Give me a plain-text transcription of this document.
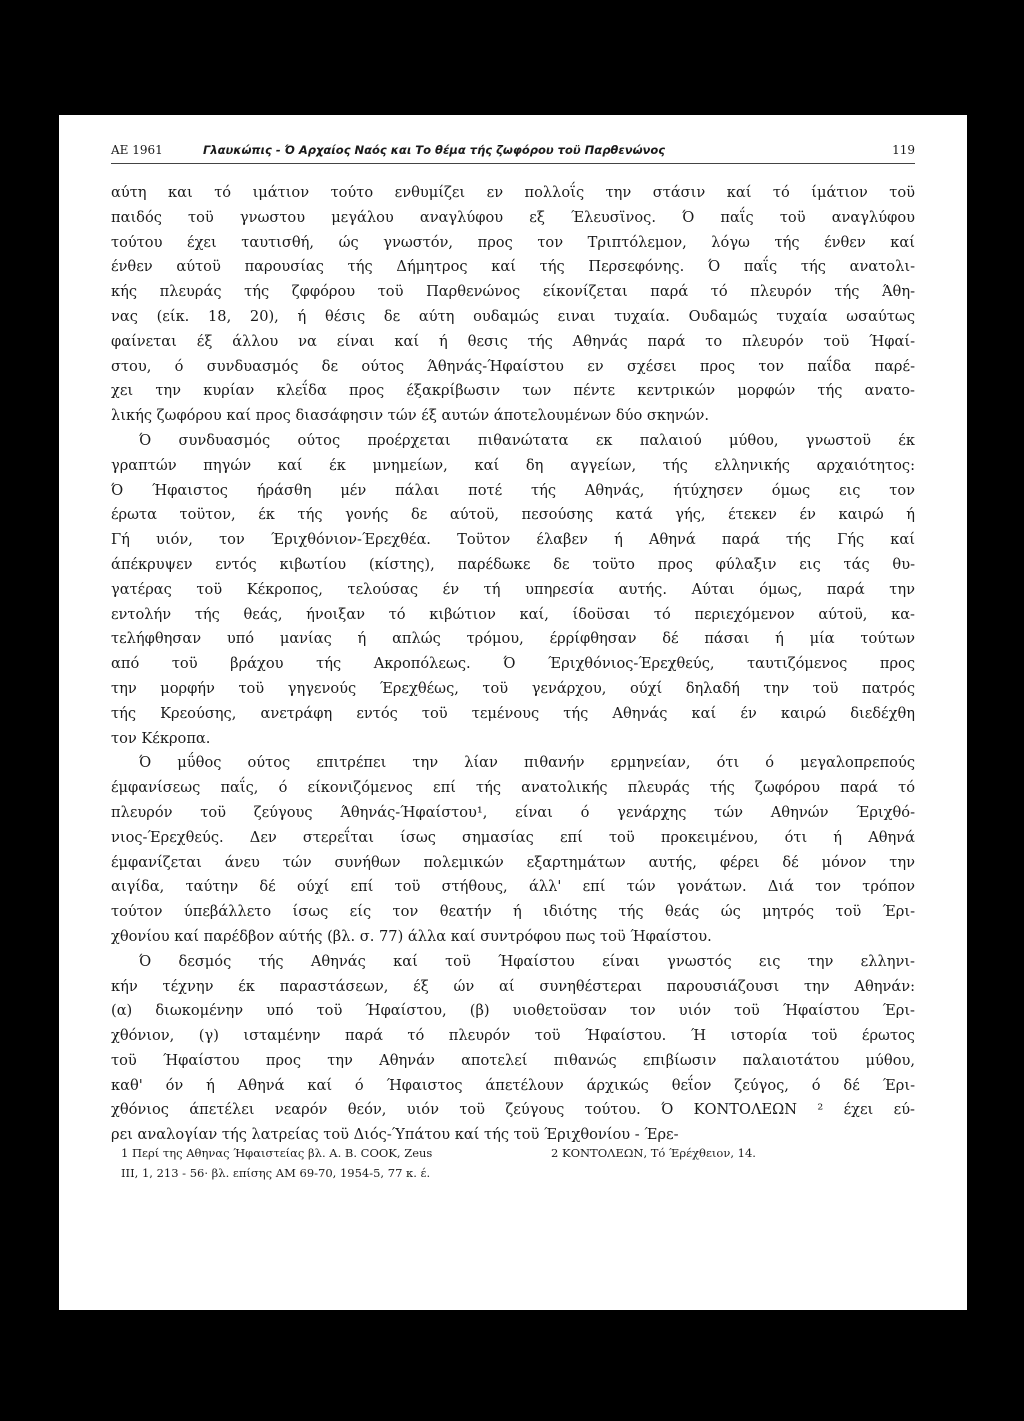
ΑΕ 1961	Γλαυκώπις - Ό Αρχαίος Ναός και Το θέμα τής ζωφόρου τοϋ Παρθενώνος	119
αύτη και τό ιμάτιον τούτο ενθυμίζει εν πολλοΐς την στάσιν καί τό ίμάτιον τοϋ
παιδός τοϋ γνωστου μεγάλου αναγλύφου εξ Έλευσϊνος. Ό παΐς τοϋ αναγλύφου
τούτου έχει ταυτισθή, ώς γνωστόν, προς τον Τριπτόλεμον, λόγω τής ένθεν καί
ένθεν αύτοϋ παρουσίας τής Δήμητρος καί τής Περσεφόνης. Ό παΐς τής ανατολι-
κής πλευράς τής ζφφόρου τοϋ Παρθενώνος είκονίζεται παρά τό πλευρόν τής Άθη-
νας (είκ. 18, 20), ή θέσις δε αύτη ουδαμώς ειναι τυχαία. Ουδαμώς τυχαία ωσαύτως
φαίνεται έξ άλλου να είναι καί ή θεσις τής Αθηνάς παρά το πλευρόν τοϋ Ήφαί-
στου, ό συνδυασμός δε ούτος Άθηνάς-Ήφαίστου εν σχέσει προς τον παΐδα παρέ-
χει την κυρίαν κλεΐδα προς έξακρίβωσιν των πέντε κεντρικών μορφών τής ανατο-
λικής ζωφόρου καί προς διασάφησιν τών έξ αυτών άποτελουμένων δύο σκηνών.
Ό συνδυασμός ούτος προέρχεται πιθανώτατα εκ παλαιού μύθου, γνωστοϋ έκ
γραπτών πηγών καί έκ μνημείων, καί δη αγγείων, τής ελληνικής αρχαιότητος:
Ό Ήφαιστος ήράσθη μέν πάλαι ποτέ τής Αθηνάς, ήτύχησεν όμως εις τον
έρωτα τοϋτον, έκ τής γονής δε αύτοϋ, πεσούσης κατά γής, έτεκεν έν καιρώ ή
Γή υιόν, τον Έριχθόνιον-Έρεχθέα. Τοϋτον έλαβεν ή Αθηνά παρά τής Γής καί
άπέκρυψεν εντός κιβωτίου (κίστης), παρέδωκε δε τοϋτο προς φύλαξιν εις τάς θυ-
γατέρας τοϋ Κέκροπος, τελούσας έν τή υπηρεσία αυτής. Αύται όμως, παρά την
εντολήν τής θεάς, ήνοιξαν τό κιβώτιον καί, ίδοϋσαι τό περιεχόμενον αύτοϋ, κα-
τελήφθησαν υπό μανίας ή απλώς τρόμου, έρρίφθησαν δέ πάσαι ή μία τούτων
από τοϋ βράχου τής Ακροπόλεως. Ό Έριχθόνιος-Έρεχθεύς, ταυτιζόμενος προς
την μορφήν τοϋ γηγενούς Έρεχθέως, τοϋ γενάρχου, ούχί δηλαδή την τοϋ πατρός
τής Κρεούσης, ανετράφη εντός τοϋ τεμένους τής Αθηνάς καί έν καιρώ διεδέχθη
τον Κέκροπα.
Ό μΰθος ούτος επιτρέπει την λίαν πιθανήν ερμηνείαν, ότι ό μεγαλοπρεπούς
έμφανίσεως παΐς, ό είκονιζόμενος επί τής ανατολικής πλευράς τής ζωφόρου παρά τό
πλευρόν τοϋ ζεύγους Άθηνάς-Ήφαίστου¹, είναι ό γενάρχης τών Αθηνών Έριχθό-
νιος-Έρεχθεύς. Δεν στερεΐται ίσως σημασίας επί τοϋ προκειμένου, ότι ή Αθηνά
έμφανίζεται άνευ τών συνήθων πολεμικών εξαρτημάτων αυτής, φέρει δέ μόνον την
αιγίδα, ταύτην δέ ούχί επί τοϋ στήθους, άλλ' επί τών γονάτων. Διά τον τρόπον
τούτον ύπεβάλλετο ίσως είς τον θεατήν ή ιδιότης τής θεάς ώς μητρός τοϋ Έρι-
χθονίου καί παρέδβον αύτής (βλ. σ. 77) άλλα καί συντρόφου πως τοϋ Ήφαίστου.
Ό δεσμός τής Αθηνάς καί τοϋ Ήφαίστου είναι γνωστός εις την ελληνι-
κήν τέχνην έκ παραστάσεων, έξ ών αί συνηθέστεραι παρουσιάζουσι την Αθηνάν:
(α) διωκομένην υπό τοϋ Ήφαίστου, (β) υιοθετοϋσαν τον υιόν τοϋ Ήφαίστου Έρι-
χθόνιον, (γ) ισταμένην παρά τό πλευρόν τοϋ Ήφαίστου. Ή ιστορία τοϋ έρωτος
τοϋ Ήφαίστου προς την Αθηνάν αποτελεί πιθανώς επιβίωσιν παλαιοτάτου μύθου,
καθ' όν ή Αθηνά καί ό Ήφαιστος άπετέλουν άρχικώς θεΐον ζεύγος, ό δέ Έρι-
χθόνιος άπετέλει νεαρόν θεόν, υιόν τοϋ ζεύγους τούτου. Ό ΚΟΝΤΟΛΕΩΝ ² έχει εύ-
ρει αναλογίαν τής λατρείας τοϋ Διός-Ύπάτου καί τής τοϋ Έριχθονίου - Έρε-
1 Περί της Αθηνας Ήφαιστείας βλ. Α. Β. COOK, Zeus
ΙΙΙ, 1, 213 - 56· βλ. επίσης ΑΜ 69-70, 1954-5, 77 κ. έ.
2 ΚΟΝΤΟΛΕΩΝ, Τό Έρέχθειον, 14.
